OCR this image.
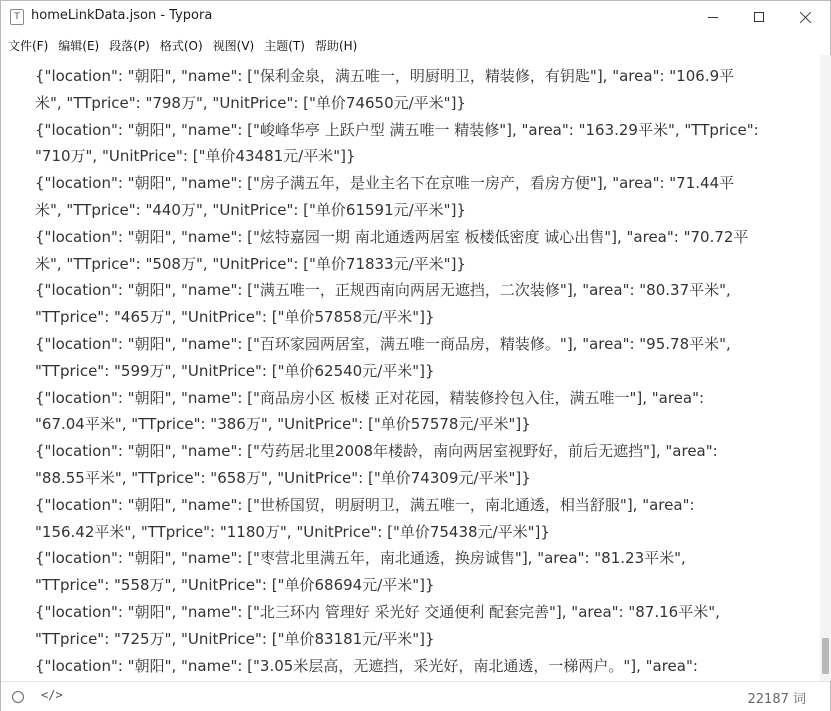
T homeLinkData.json - Typora
文件(F) 编辑(E) 段落(P) 格式(O) 视图(V) 主题(T) 帮助(H)
{"location": "朝阳", "name": ["保利金泉，满五唯一，明厨明卫，精装修，有钥匙"], "area": "106.9平
米", "TTprice": "798万", "UnitPrice": ["单价74650元/平米"]}
{"location": "朝阳", "name": ["峻峰华亭 上跃户型 满五唯一 精装修"], "area": "163.29平米", "TTprice":
"710万", "UnitPrice": ["单价43481元/平米"]}
{"location": "朝阳", "name": ["房子满五年，是业主名下在京唯一房产，看房方便"], "area": "71.44平
米", "TTprice": "440万", "UnitPrice": ["单价61591元/平米"]}
{"location": "朝阳", "name": ["炫特嘉园一期 南北通透两居室 板楼低密度 诚心出售"], "area": "70.72平
米", "TTprice": "508万", "UnitPrice": ["单价71833元/平米"]}
{"location": "朝阳", "name": ["满五唯一，正规西南向两居无遮挡，二次装修"], "area": "80.37平米",
"TTprice": "465万", "UnitPrice": ["单价57858元/平米"]}
{"location": "朝阳", "name": ["百环家园两居室，满五唯一商品房，精装修。"], "area": "95.78平米",
"TTprice": "599万", "UnitPrice": ["单价62540元/平米"]}
{"location": "朝阳", "name": ["商品房小区 板楼 正对花园，精装修拎包入住，满五唯一"], "area":
"67.04平米", "TTprice": "386万", "UnitPrice": ["单价57578元/平米"]}
{"location": "朝阳", "name": ["芍药居北里2008年楼龄，南向两居室视野好，前后无遮挡"], "area":
"88.55平米", "TTprice": "658万", "UnitPrice": ["单价74309元/平米"]}
{"location": "朝阳", "name": ["世桥国贸，明厨明卫，满五唯一，南北通透，相当舒服"], "area":
"156.42平米", "TTprice": "1180万", "UnitPrice": ["单价75438元/平米"]}
{"location": "朝阳", "name": ["枣营北里满五年，南北通透，换房诚售"], "area": "81.23平米",
"TTprice": "558万", "UnitPrice": ["单价68694元/平米"]}
{"location": "朝阳", "name": ["北三环内 管理好 采光好 交通便利 配套完善"], "area": "87.16平米",
"TTprice": "725万", "UnitPrice": ["单价83181元/平米"]}
{"location": "朝阳", "name": ["3.05米层高，无遮挡，采光好，南北通透，一梯两户。"], "area":
</>	22187 词
